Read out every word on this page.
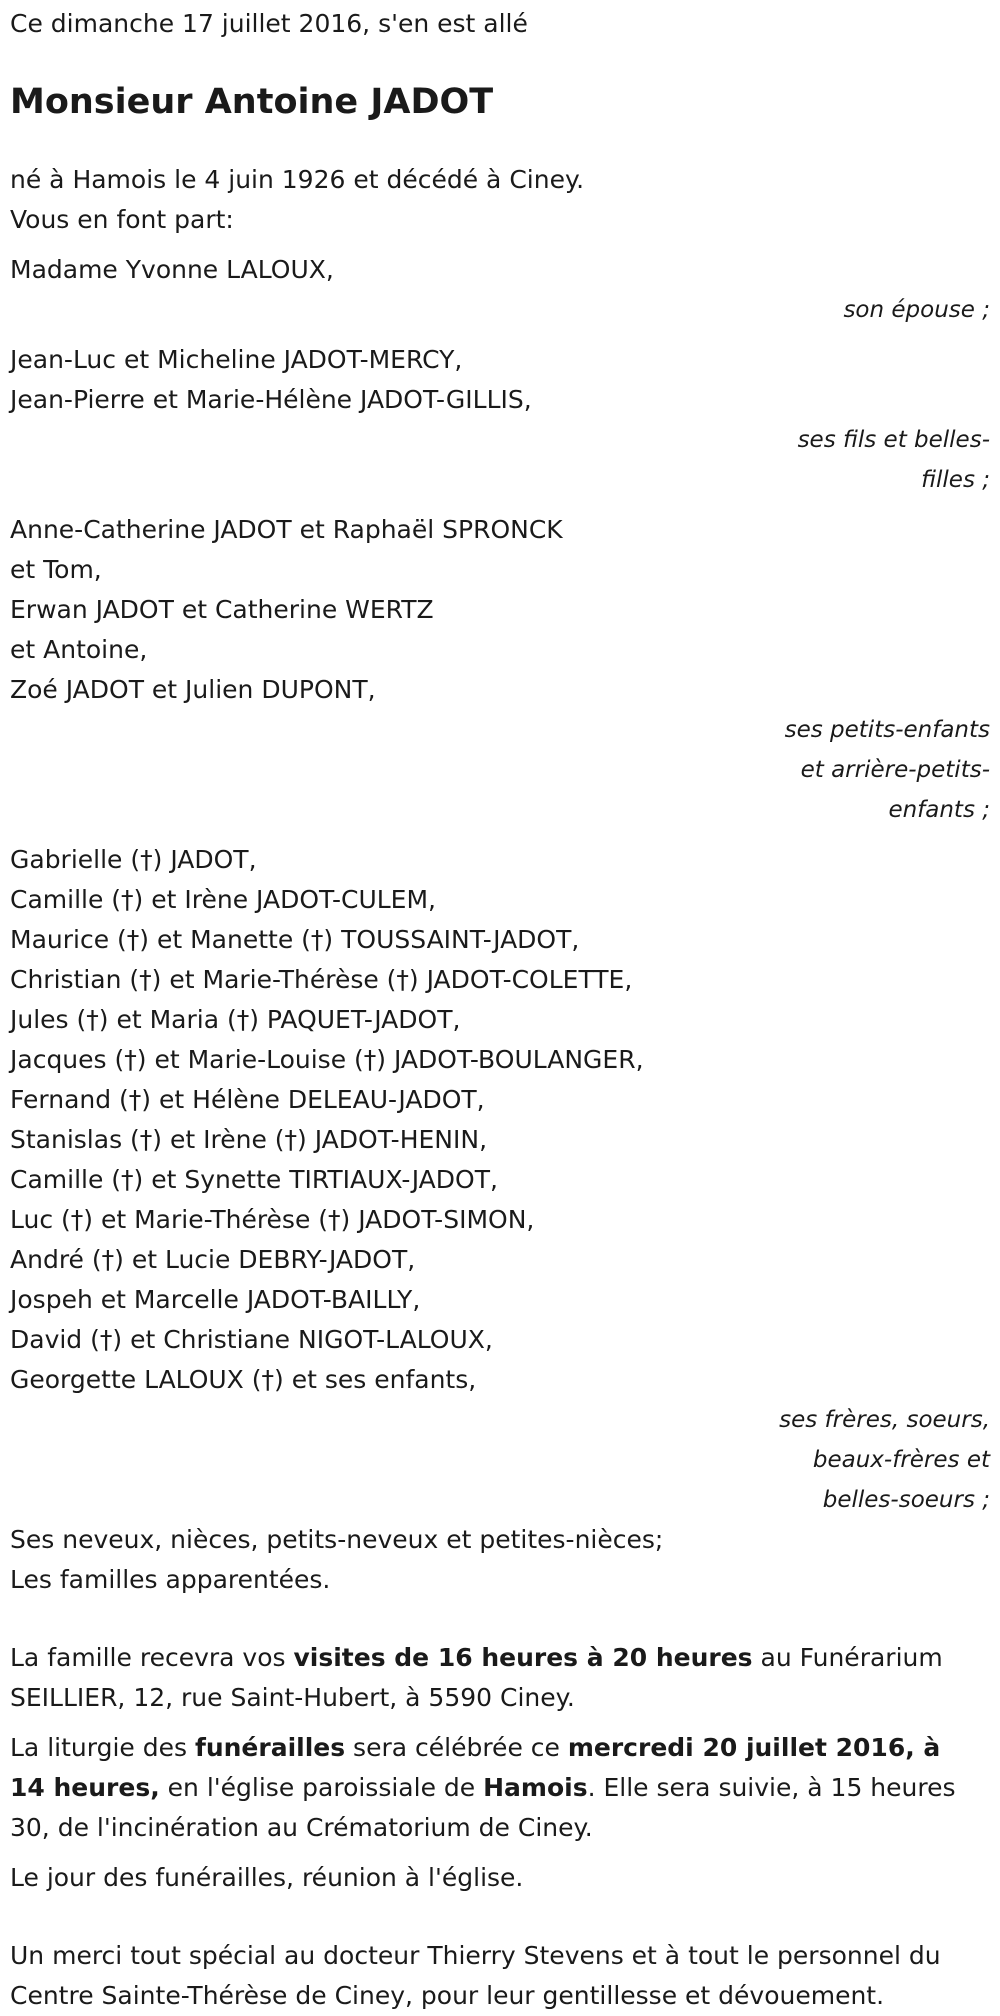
Ce dimanche 17 juillet 2016, s'en est allé
Monsieur Antoine JADOT
né à Hamois le 4 juin 1926 et décédé à Ciney.
Vous en font part:
Madame Yvonne LALOUX,
son épouse ;
Jean-Luc et Micheline JADOT-MERCY,
Jean-Pierre et Marie-Hélène JADOT-GILLIS,
ses fils et belles-
filles ;
Anne-Catherine JADOT et Raphaël SPRONCK
et Tom,
Erwan JADOT et Catherine WERTZ
et Antoine,
Zoé JADOT et Julien DUPONT,
ses petits-enfants
et arrière-petits-
enfants ;
Gabrielle (†) JADOT,
Camille (†) et Irène JADOT-CULEM,
Maurice (†) et Manette (†) TOUSSAINT-JADOT,
Christian (†) et Marie-Thérèse (†) JADOT-COLETTE,
Jules (†) et Maria (†) PAQUET-JADOT,
Jacques (†) et Marie-Louise (†) JADOT-BOULANGER,
Fernand (†) et Hélène DELEAU-JADOT,
Stanislas (†) et Irène (†) JADOT-HENIN,
Camille (†) et Synette TIRTIAUX-JADOT,
Luc (†) et Marie-Thérèse (†) JADOT-SIMON,
André (†) et Lucie DEBRY-JADOT,
Jospeh et Marcelle JADOT-BAILLY,
David (†) et Christiane NIGOT-LALOUX,
Georgette LALOUX (†) et ses enfants,
ses frères, soeurs,
beaux-frères et
belles-soeurs ;
Ses neveux, nièces, petits-neveux et petites-nièces;
Les familles apparentées.
La famille recevra vos visites de 16 heures à 20 heures au Funérarium SEILLIER, 12, rue Saint-Hubert, à 5590 Ciney.
La liturgie des funérailles sera célébrée ce mercredi 20 juillet 2016, à 14 heures, en l'église paroissiale de Hamois. Elle sera suivie, à 15 heures 30, de l'incinération au Crématorium de Ciney.
Le jour des funérailles, réunion à l'église.
Un merci tout spécial au docteur Thierry Stevens et à tout le personnel du Centre Sainte-Thérèse de Ciney, pour leur gentillesse et dévouement.
